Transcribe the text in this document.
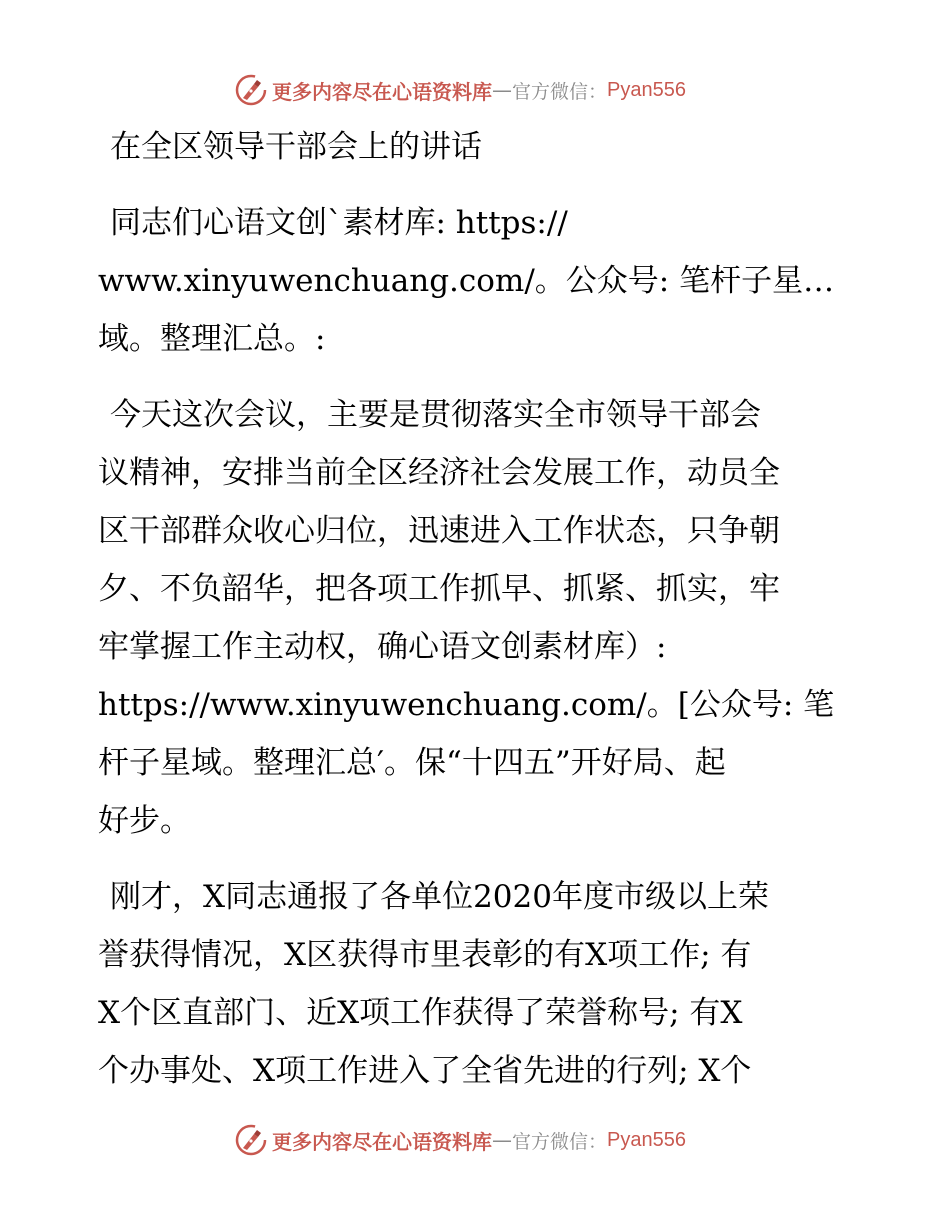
更多内容尽在心语资料库 — 官方微信： Pyan556

在全区领导干部会上的讲话

同志们心语文创`素材库: https://

www.xinyuwenchuang.com/。公众号: 笔杆子星…

域。整理汇总。:

今天这次会议，主要是贯彻落实全市领导干部会

议精神，安排当前全区经济社会发展工作，动员全

区干部群众收心归位，迅速进入工作状态，只争朝

夕、不负韶华，把各项工作抓早、抓紧、抓实，牢

牢掌握工作主动权，确心语文创素材库）:

https://www.xinyuwenchuang.com/。[公众号: 笔

杆子星域。整理汇总′。保“十四五”开好局、起

好步。

刚才，X同志通报了各单位2020年度市级以上荣

誉获得情况，X区获得市里表彰的有X项工作; 有

X个区直部门、近X项工作获得了荣誉称号; 有X

个办事处、X项工作进入了全省先进的行列; X个

更多内容尽在心语资料库 — 官方微信： Pyan556
